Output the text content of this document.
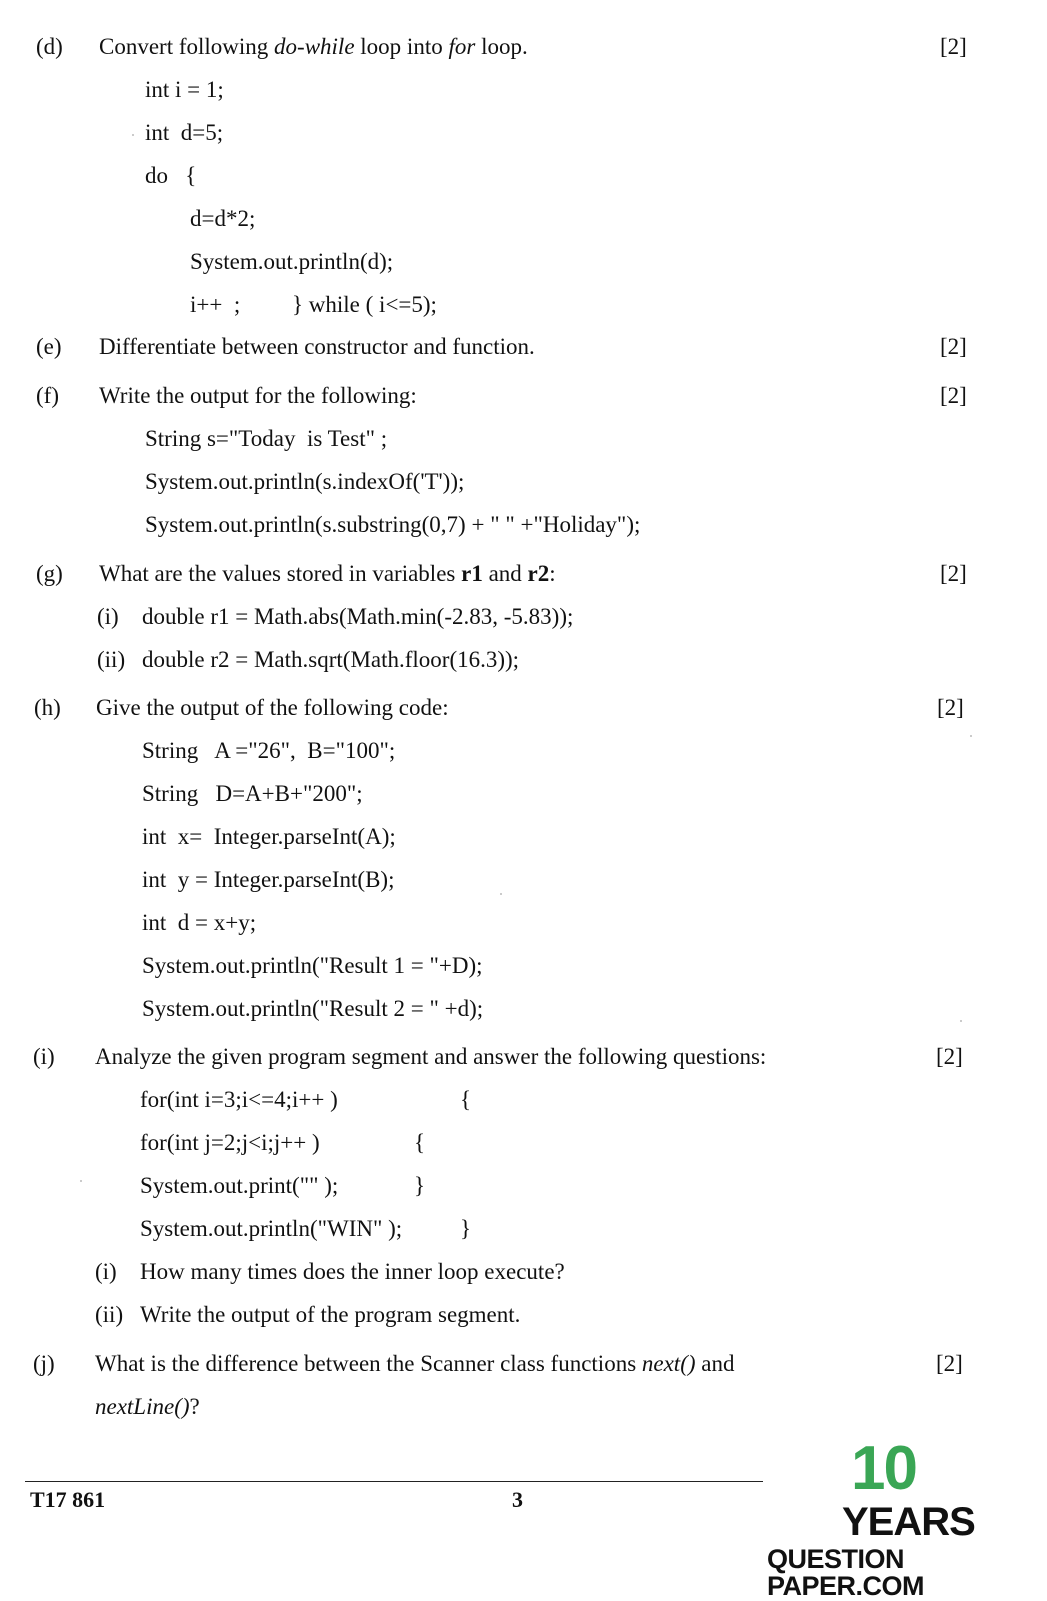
(d) Convert following do-while loop into for loop.	[2]
int i = 1;
int  d=5;
do   {
d=d*2;
System.out.println(d);
i++  ; } while ( i<=5);
(e) Differentiate between constructor and function.	[2]
(f) Write the output for the following:	[2]
String s="Today  is Test" ;
System.out.println(s.indexOf('T'));
System.out.println(s.substring(0,7) + " " +"Holiday");
(g) What are the values stored in variables r1 and r2:	[2]
(i) double r1 = Math.abs(Math.min(-2.83, -5.83));
(ii) double r2 = Math.sqrt(Math.floor(16.3));
(h) Give the output of the following code:	[2]
String   A ="26",  B="100";
String   D=A+B+"200";
int  x=  Integer.parseInt(A);
int  y = Integer.parseInt(B);
int  d = x+y;
System.out.println("Result 1 = "+D);
System.out.println("Result 2 = " +d);
(i) Analyze the given program segment and answer the following questions:	[2]
for(int i=3;i<=4;i++ )	{
for(int j=2;j<i;j++ )	{
System.out.print("" );	}
System.out.println("WIN" );	}
(i) How many times does the inner loop execute?
(ii) Write the output of the program segment.
(j) What is the difference between the Scanner class functions next() and	[2]
nextLine()?
T17 861	3	10
YEARS
QUESTION PAPER.COM
